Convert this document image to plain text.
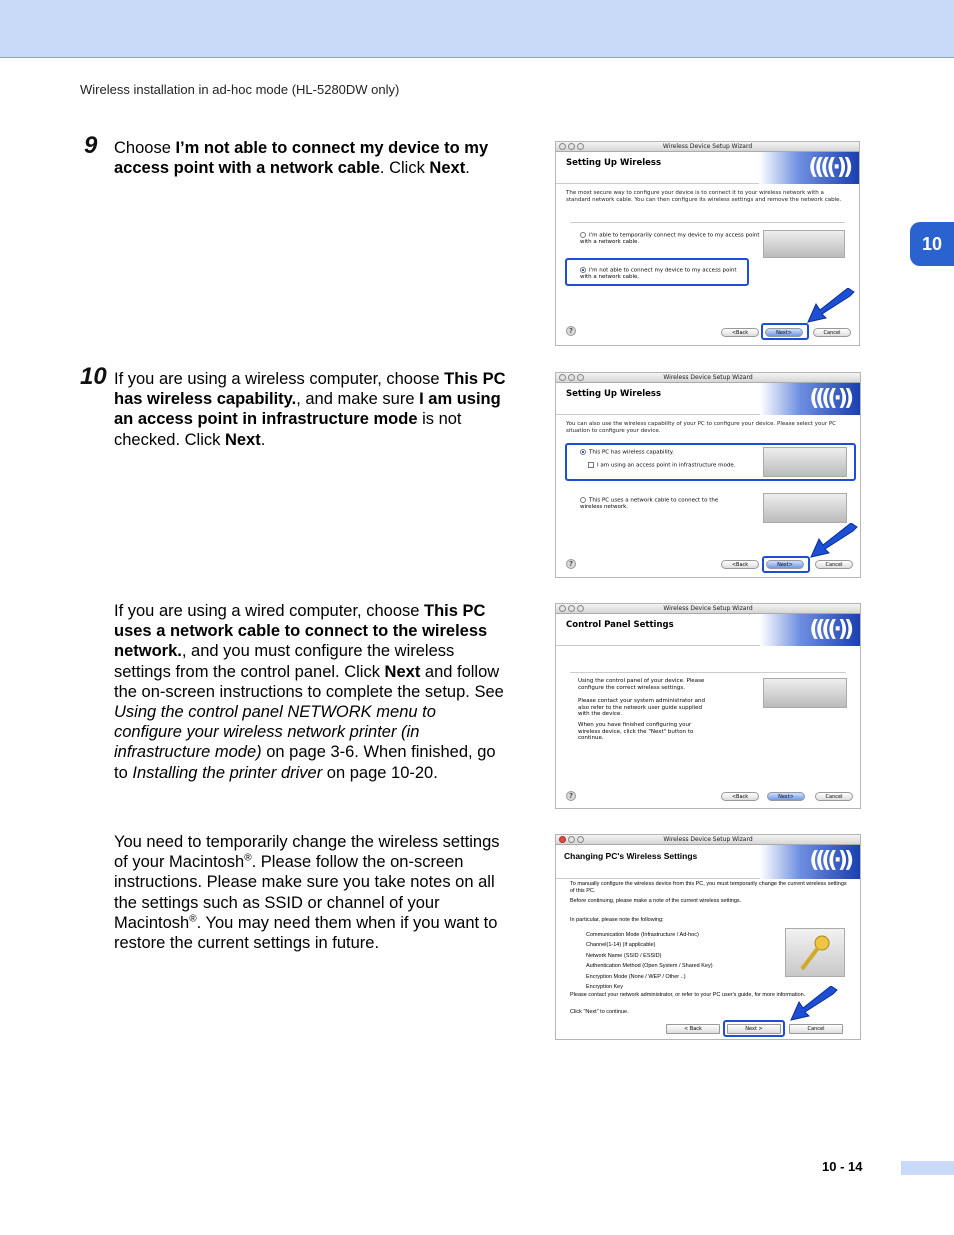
Wireless installation in ad-hoc mode (HL-5280DW only)
10
9 Choose I’m not able to connect my device to my access point with a network cable. Click Next.
10 If you are using a wireless computer, choose This PC has wireless capability., and make sure I am using an access point in infrastructure mode is not checked. Click Next.
If you are using a wired computer, choose This PC uses a network cable to connect to the wireless network., and you must configure the wireless settings from the control panel. Click Next and follow the on-screen instructions to complete the setup. See Using the control panel NETWORK menu to configure your wireless network printer (in infrastructure mode) on page 3-6. When finished, go to Installing the printer driver on page 10-20.
You need to temporarily change the wireless settings of your Macintosh®. Please follow the on-screen instructions. Please make sure you take notes on all the settings such as SSID or channel of your Macintosh®. You may need them when if you want to restore the current settings in future.
Wireless Device Setup Wizard
Setting Up Wireless	((((·))
The most secure way to configure your device is to connect it to your wireless network with a standard network cable. You can then configure its wireless settings and remove the network cable.
I'm able to temporarily connect my device to my access point with a network cable.
I'm not able to connect my device to my access point with a network cable.
?	<Back	Next>	Cancel
Wireless Device Setup Wizard
Setting Up Wireless	((((·))
You can also use the wireless capability of your PC to configure your device. Please select your PC situation to configure your device.
This PC has wireless capability.
I am using an access point in infrastructure mode.
This PC uses a network cable to connect to the wireless network.
?	<Back	Next>	Cancel
Wireless Device Setup Wizard
Control Panel Settings	((((·))
Using the control panel of your device. Please configure the correct wireless settings.
Please contact your system administrator and also refer to the network user guide supplied with the device.
When you have finished configuring your wireless device, click the "Next" button to continue.
?	<Back	Next>	Cancel
Wireless Device Setup Wizard
Changing PC's Wireless Settings	((((·))
To manually configure the wireless device from this PC, you must temporarily change the current wireless settings of this PC.
Before continuing, please make a note of the current wireless settings.
In particular, please note the following:
Communication Mode (Infrastructure / Ad-hoc)
Channel(1-14) (if applicable)
Network Name (SSID / ESSID)
Authentication Method (Open System / Shared Key)
Encryption Mode (None / WEP / Other ..)
Encryption Key
Please contact your network administrator, or refer to your PC user's guide, for more information.
Click "Next" to continue.
< Back	Next >	Cancel
10 - 14
